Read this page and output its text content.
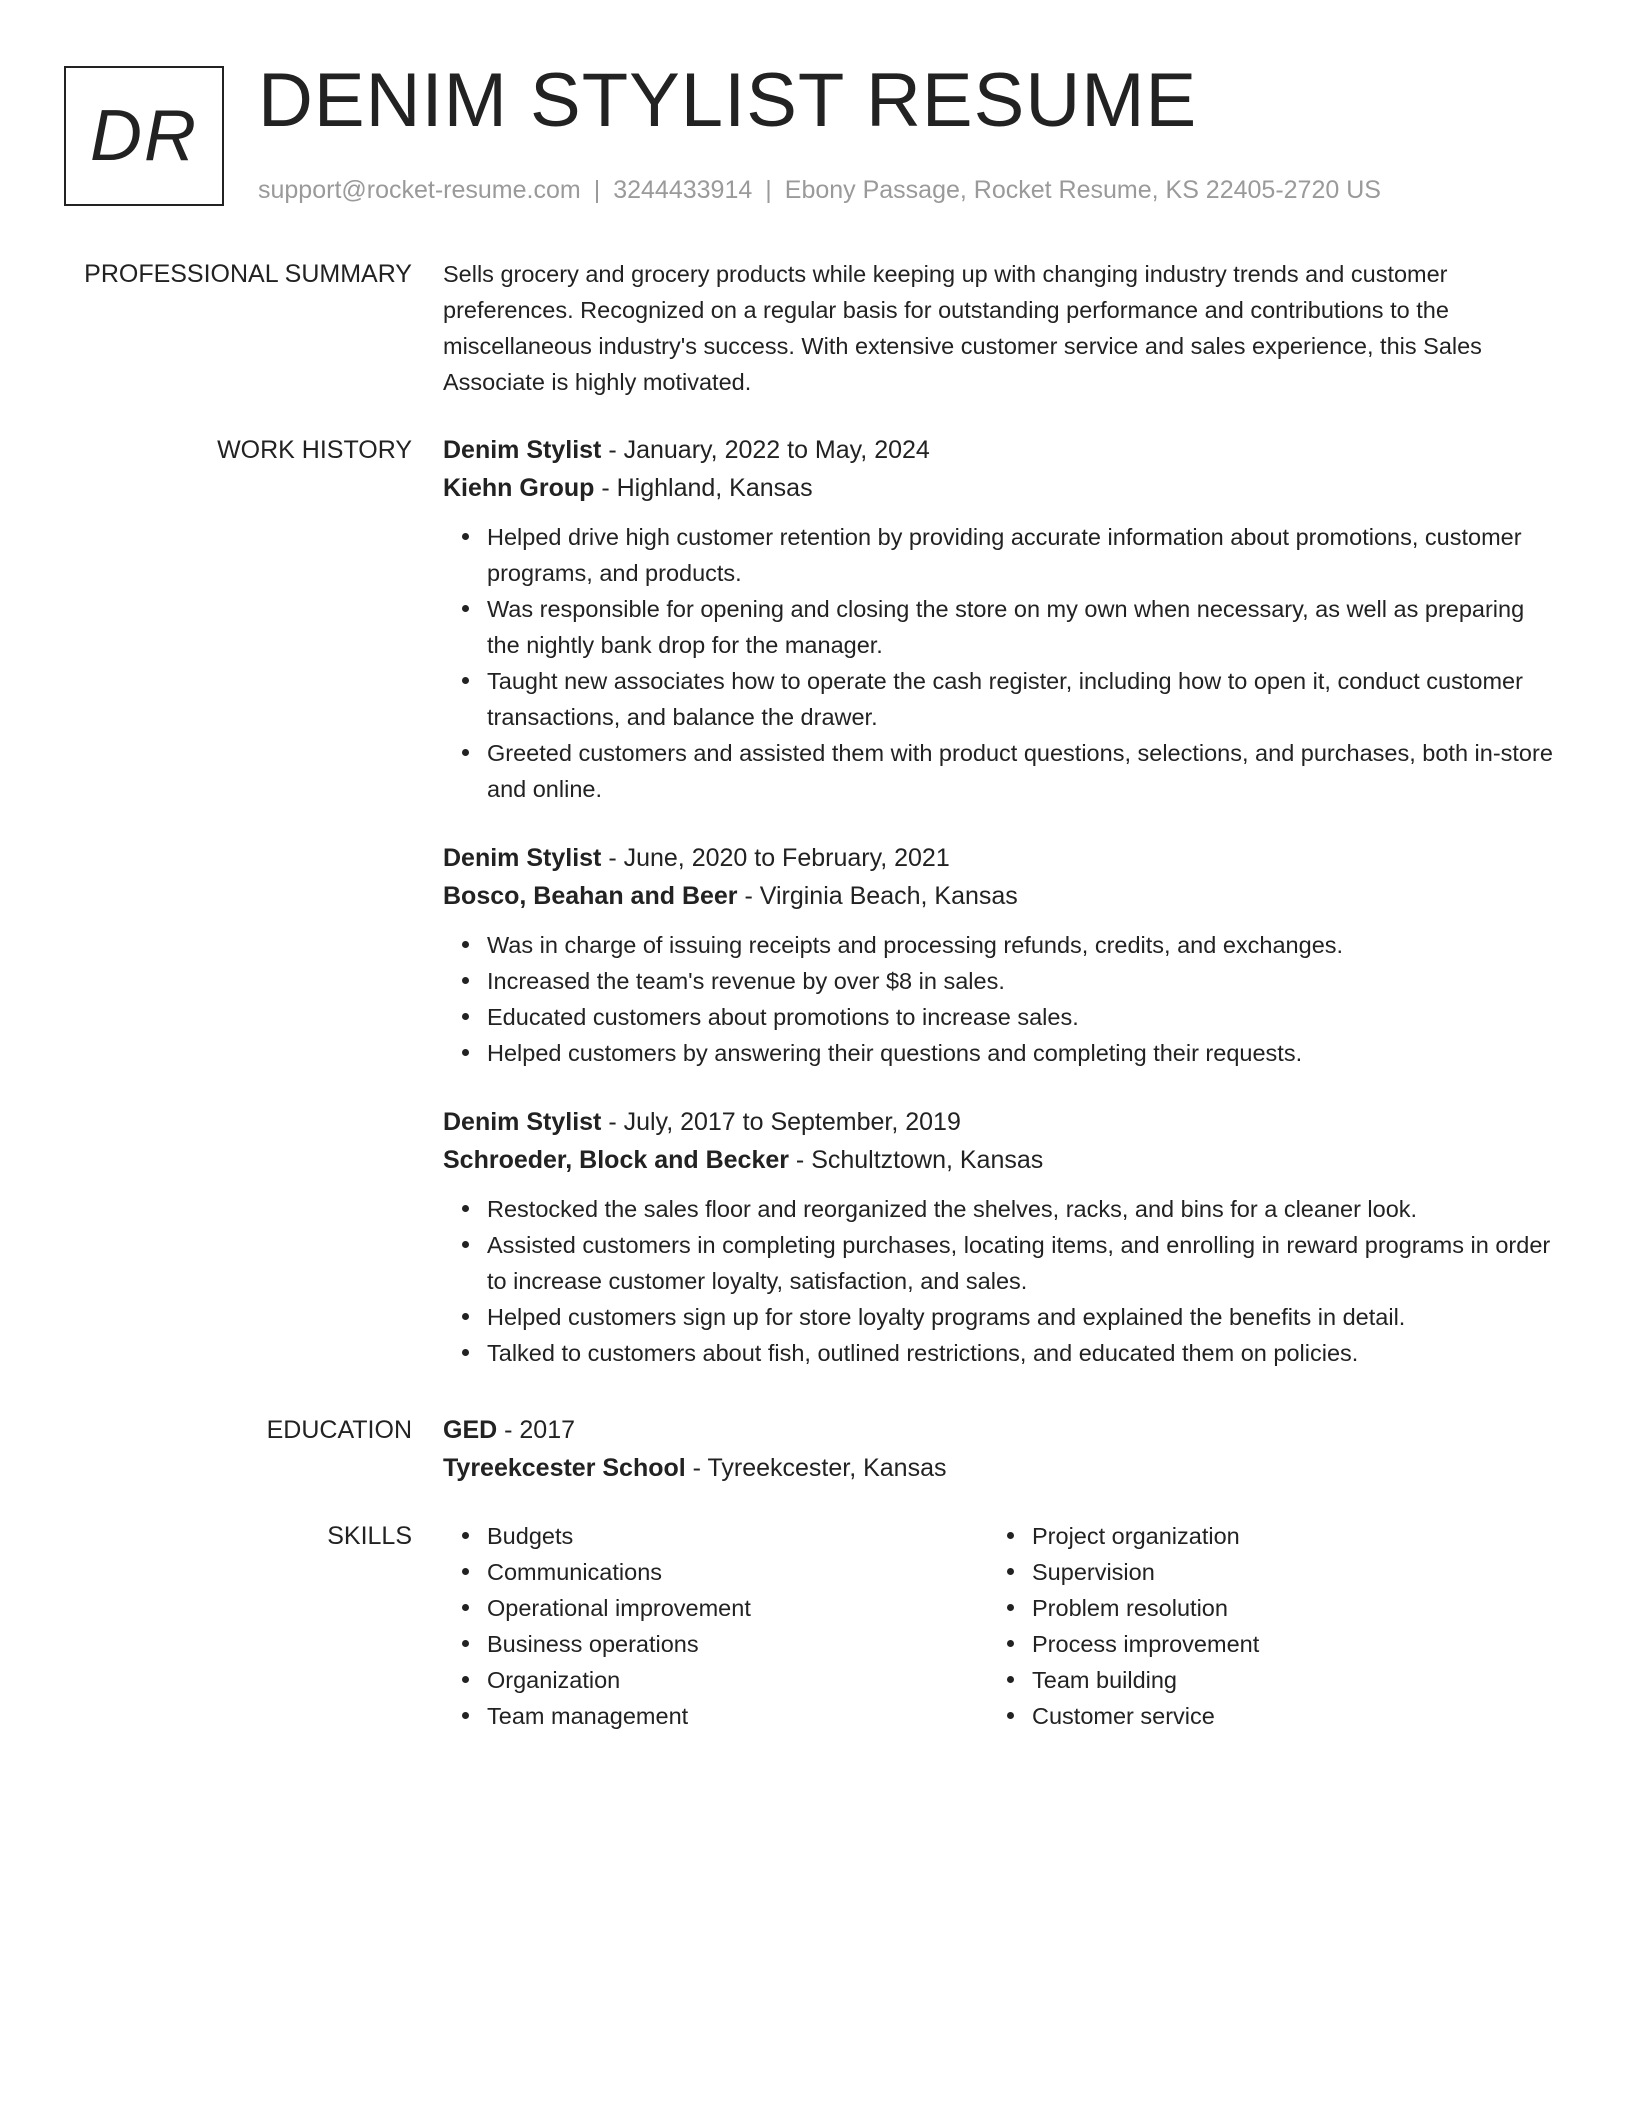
DR DENIM STYLIST RESUME
support@rocket-resume.com | 3244433914 | Ebony Passage, Rocket Resume, KS 22405-2720 US
PROFESSIONAL SUMMARY Sells grocery and grocery products while keeping up with changing industry trends and customer preferences. Recognized on a regular basis for outstanding performance and contributions to the miscellaneous industry's success. With extensive customer service and sales experience, this Sales Associate is highly motivated.

WORK HISTORY Denim Stylist - January, 2022 to May, 2024
Kiehn Group - Highland, Kansas
Helped drive high customer retention by providing accurate information about promotions, customer programs, and products.
Was responsible for opening and closing the store on my own when necessary, as well as preparing the nightly bank drop for the manager.
Taught new associates how to operate the cash register, including how to open it, conduct customer transactions, and balance the drawer.
Greeted customers and assisted them with product questions, selections, and purchases, both in-store and online.
Denim Stylist - June, 2020 to February, 2021
Bosco, Beahan and Beer - Virginia Beach, Kansas
Was in charge of issuing receipts and processing refunds, credits, and exchanges.
Increased the team's revenue by over $8 in sales.
Educated customers about promotions to increase sales.
Helped customers by answering their questions and completing their requests.
Denim Stylist - July, 2017 to September, 2019
Schroeder, Block and Becker - Schultztown, Kansas
Restocked the sales floor and reorganized the shelves, racks, and bins for a cleaner look.
Assisted customers in completing purchases, locating items, and enrolling in reward programs in order to increase customer loyalty, satisfaction, and sales.
Helped customers sign up for store loyalty programs and explained the benefits in detail.
Talked to customers about fish, outlined restrictions, and educated them on policies.
EDUCATION GED - 2017
Tyreekcester School - Tyreekcester, Kansas
SKILLS	Budgets
Communications
Operational improvement
Business operations
Organization
Team management
Project organization
Supervision
Problem resolution
Process improvement
Team building
Customer service
